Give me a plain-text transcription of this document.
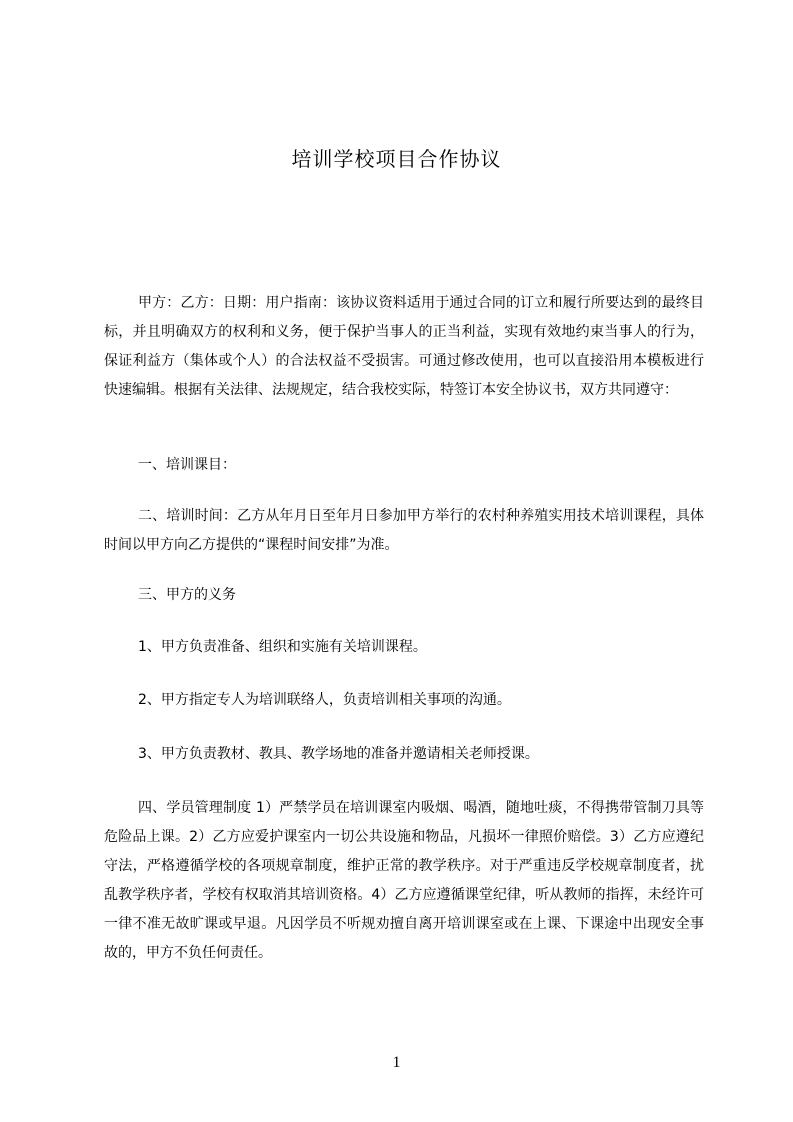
培训学校项目合作协议
甲方：乙方：日期：用户指南：该协议资料适用于通过合同的订立和履行所要达到的最终目标，并且明确双方的权利和义务，便于保护当事人的正当利益，实现有效地约束当事人的行为，保证利益方（集体或个人）的合法权益不受损害。可通过修改使用，也可以直接沿用本模板进行快速编辑。根据有关法律、法规规定，结合我校实际，特签订本安全协议书，双方共同遵守：
一、培训课目：
二、培训时间：乙方从年月日至年月日参加甲方举行的农村种养殖实用技术培训课程，具体时间以甲方向乙方提供的“课程时间安排”为准。
三、甲方的义务
1、甲方负责准备、组织和实施有关培训课程。
2、甲方指定专人为培训联络人，负责培训相关事项的沟通。
3、甲方负责教材、教具、教学场地的准备并邀请相关老师授课。
四、学员管理制度 1）严禁学员在培训课室内吸烟、喝酒，随地吐痰，不得携带管制刀具等危险品上课。2）乙方应爱护课室内一切公共设施和物品，凡损坏一律照价赔偿。3）乙方应遵纪守法，严格遵循学校的各项规章制度，维护正常的教学秩序。对于严重违反学校规章制度者，扰乱教学秩序者，学校有权取消其培训资格。4）乙方应遵循课堂纪律，听从教师的指挥，未经许可一律不准无故旷课或早退。凡因学员不听规劝擅自离开培训课室或在上课、下课途中出现安全事故的，甲方不负任何责任。
1
